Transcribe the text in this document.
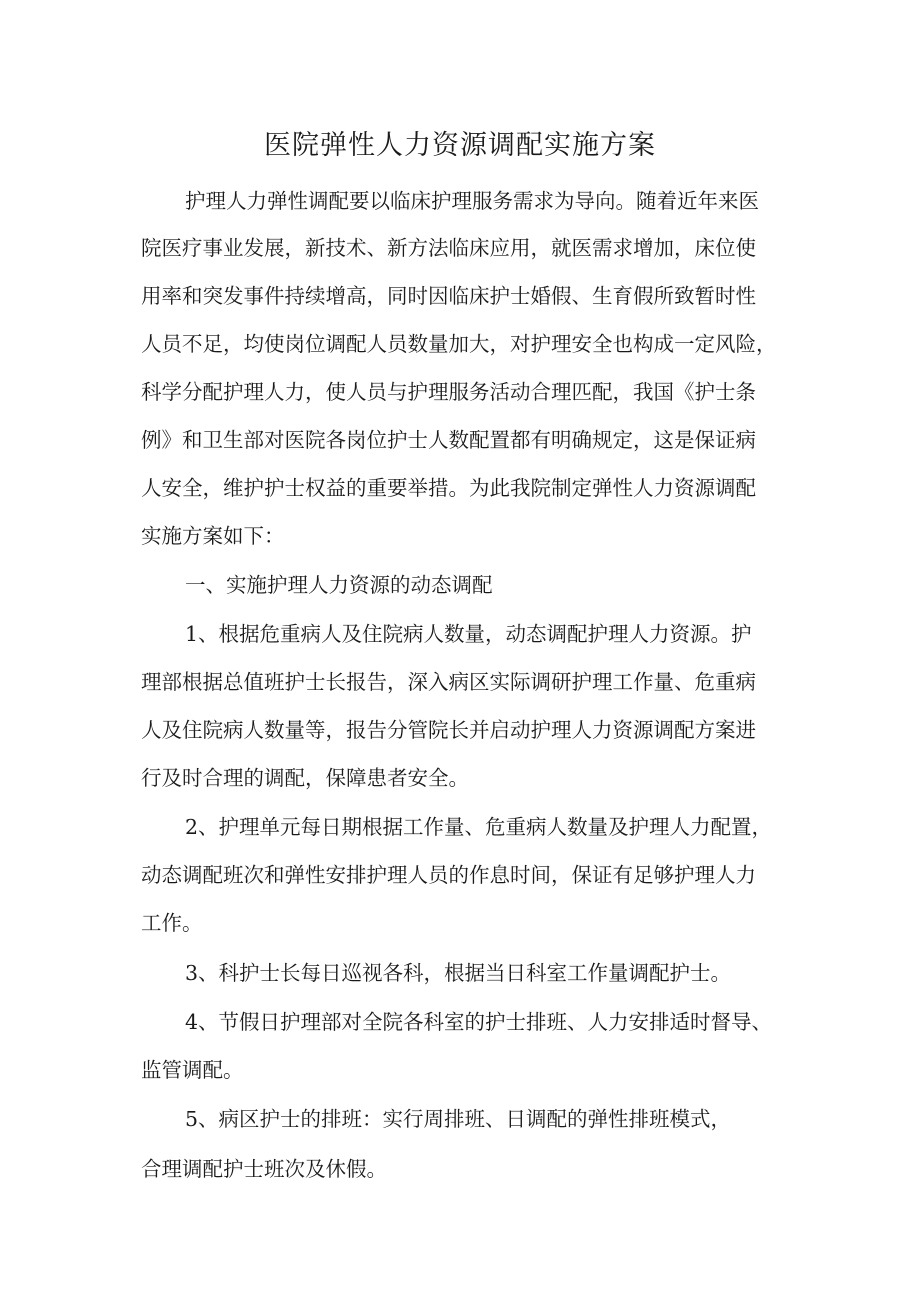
医院弹性人力资源调配实施方案

护理人力弹性调配要以临床护理服务需求为导向。随着近年来医

院医疗事业发展，新技术、新方法临床应用，就医需求增加，床位使

用率和突发事件持续增高，同时因临床护士婚假、生育假所致暂时性

人员不足，均使岗位调配人员数量加大，对护理安全也构成一定风险，

科学分配护理人力，使人员与护理服务活动合理匹配，我国《护士条

例》和卫生部对医院各岗位护士人数配置都有明确规定，这是保证病

人安全，维护护士权益的重要举措。为此我院制定弹性人力资源调配

实施方案如下：

一、实施护理人力资源的动态调配

1、根据危重病人及住院病人数量，动态调配护理人力资源。护

理部根据总值班护士长报告，深入病区实际调研护理工作量、危重病

人及住院病人数量等，报告分管院长并启动护理人力资源调配方案进

行及时合理的调配，保障患者安全。

2、护理单元每日期根据工作量、危重病人数量及护理人力配置，

动态调配班次和弹性安排护理人员的作息时间，保证有足够护理人力

工作。

3、科护士长每日巡视各科，根据当日科室工作量调配护士。

4、节假日护理部对全院各科室的护士排班、人力安排适时督导、

监管调配。

5、病区护士的排班：实行周排班、日调配的弹性排班模式，

合理调配护士班次及休假。
